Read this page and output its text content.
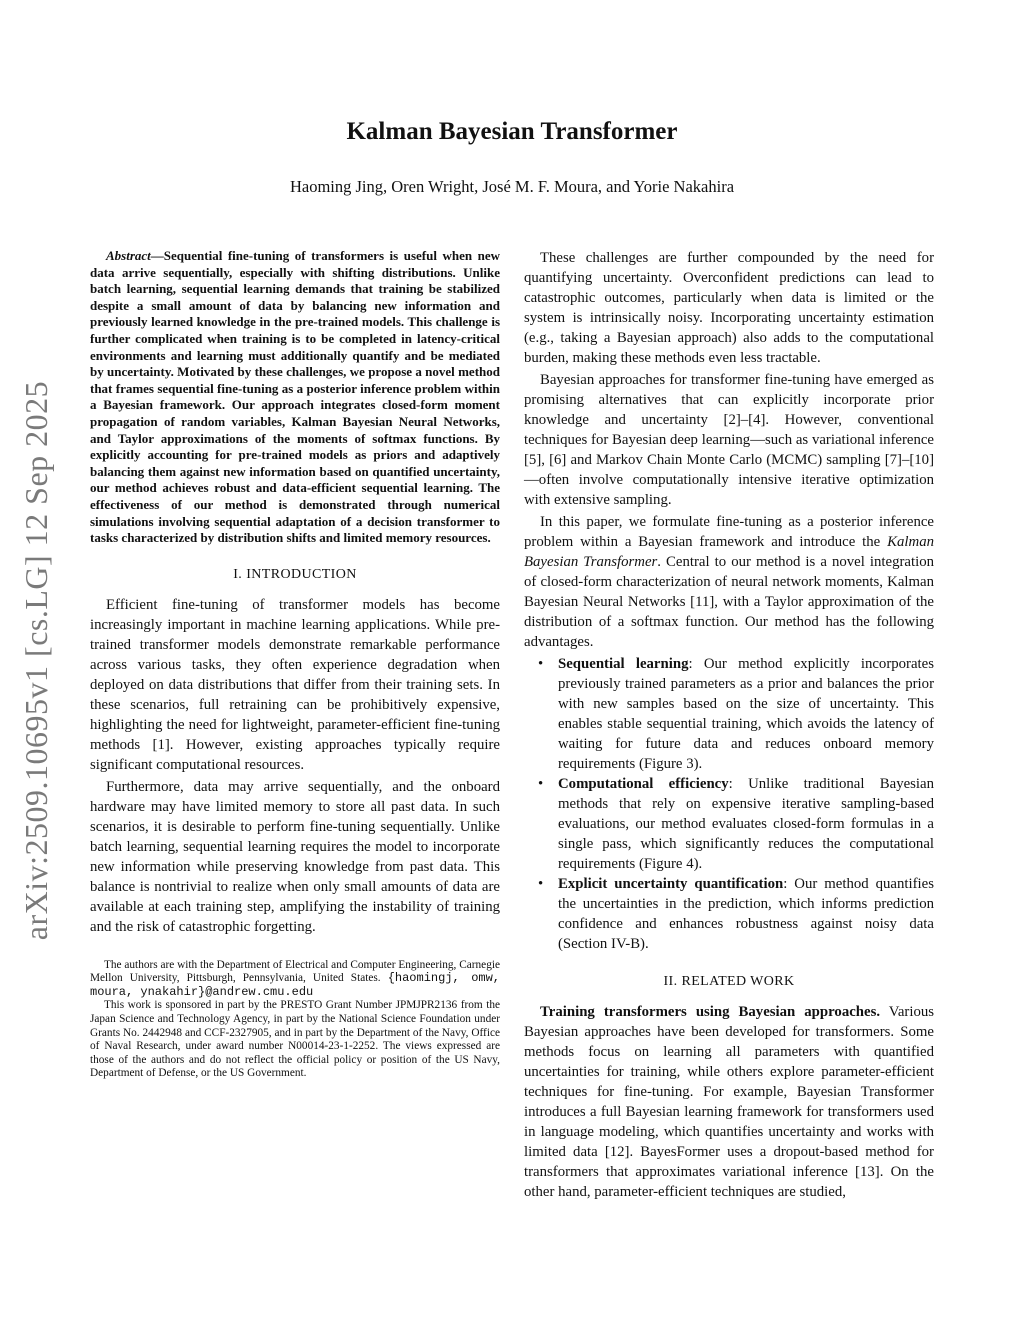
arXiv:2509.10695v1 [cs.LG] 12 Sep 2025
Kalman Bayesian Transformer
Haoming Jing, Oren Wright, José M. F. Moura, and Yorie Nakahira
Abstract—Sequential fine-tuning of transformers is useful when new data arrive sequentially, especially with shifting distributions. Unlike batch learning, sequential learning demands that training be stabilized despite a small amount of data by balancing new information and previously learned knowledge in the pre-trained models. This challenge is further complicated when training is to be completed in latency-critical environments and learning must additionally quantify and be mediated by uncertainty. Motivated by these challenges, we propose a novel method that frames sequential fine-tuning as a posterior inference problem within a Bayesian framework. Our approach integrates closed-form moment propagation of random variables, Kalman Bayesian Neural Networks, and Taylor approximations of the moments of softmax functions. By explicitly accounting for pre-trained models as priors and adaptively balancing them against new information based on quantified uncertainty, our method achieves robust and data-efficient sequential learning. The effectiveness of our method is demonstrated through numerical simulations involving sequential adaptation of a decision transformer to tasks characterized by distribution shifts and limited memory resources.
I. INTRODUCTION

Efficient fine-tuning of transformer models has become increasingly important in machine learning applications. While pre-trained transformer models demonstrate remarkable performance across various tasks, they often experience degradation when deployed on data distributions that differ from their training sets. In these scenarios, full retraining can be prohibitively expensive, highlighting the need for lightweight, parameter-efficient fine-tuning methods [1]. However, existing approaches typically require significant computational resources.

Furthermore, data may arrive sequentially, and the onboard hardware may have limited memory to store all past data. In such scenarios, it is desirable to perform fine-tuning sequentially. Unlike batch learning, sequential learning requires the model to incorporate new information while preserving knowledge from past data. This balance is nontrivial to realize when only small amounts of data are available at each training step, amplifying the instability of training and the risk of catastrophic forgetting.

The authors are with the Department of Electrical and Computer Engineering, Carnegie Mellon University, Pittsburgh, Pennsylvania, United States. {haomingj, omw, moura, ynakahir}@andrew.cmu.edu

This work is sponsored in part by the PRESTO Grant Number JPMJPR2136 from the Japan Science and Technology Agency, in part by the National Science Foundation under Grants No. 2442948 and CCF-2327905, and in part by the Department of the Navy, Office of Naval Research, under award number N00014-23-1-2252. The views expressed are those of the authors and do not reflect the official policy or position of the US Navy, Department of Defense, or the US Government.

These challenges are further compounded by the need for quantifying uncertainty. Overconfident predictions can lead to catastrophic outcomes, particularly when data is limited or the system is intrinsically noisy. Incorporating uncertainty estimation (e.g., taking a Bayesian approach) also adds to the computational burden, making these methods even less tractable.

Bayesian approaches for transformer fine-tuning have emerged as promising alternatives that can explicitly incorporate prior knowledge and uncertainty [2]–[4]. However, conventional techniques for Bayesian deep learning—such as variational inference [5], [6] and Markov Chain Monte Carlo (MCMC) sampling [7]–[10]—often involve computationally intensive iterative optimization with extensive sampling.

In this paper, we formulate fine-tuning as a posterior inference problem within a Bayesian framework and introduce the Kalman Bayesian Transformer. Central to our method is a novel integration of closed-form characterization of neural network moments, Kalman Bayesian Neural Networks [11], with a Taylor approximation of the distribution of a softmax function. Our method has the following advantages.

• Sequential learning: Our method explicitly incorporates previously trained parameters as a prior and balances the prior with new samples based on the size of uncertainty. This enables stable sequential training, which avoids the latency of waiting for future data and reduces onboard memory requirements (Figure 3).
• Computational efficiency: Unlike traditional Bayesian methods that rely on expensive iterative sampling-based evaluations, our method evaluates closed-form formulas in a single pass, which significantly reduces the computational requirements (Figure 4).
• Explicit uncertainty quantification: Our method quantifies the uncertainties in the prediction, which informs prediction confidence and enhances robustness against noisy data (Section IV-B).
II. RELATED WORK

Training transformers using Bayesian approaches. Various Bayesian approaches have been developed for transformers. Some methods focus on learning all parameters with quantified uncertainties for training, while others explore parameter-efficient techniques for fine-tuning. For example, Bayesian Transformer introduces a full Bayesian learning framework for transformers used in language modeling, which quantifies uncertainty and works with limited data [12]. BayesFormer uses a dropout-based method for transformers that approximates variational inference [13]. On the other hand, parameter-efficient techniques are studied,
